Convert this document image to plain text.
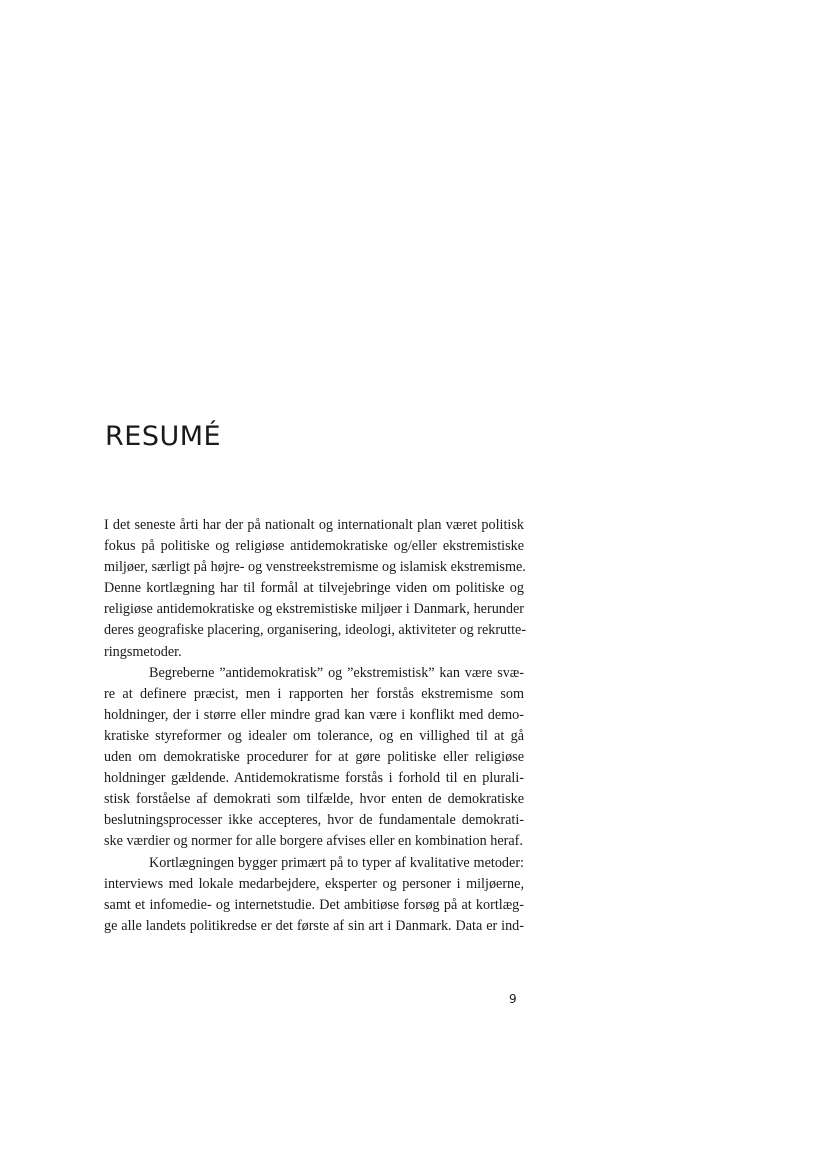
RESUMÉ
I det seneste årti har der på nationalt og internationalt plan været politisk
fokus på politiske og religiøse antidemokratiske og/eller ekstremistiske
miljøer, særligt på højre- og venstreekstremisme og islamisk ekstremisme.
Denne kortlægning har til formål at tilvejebringe viden om politiske og
religiøse antidemokratiske og ekstremistiske miljøer i Danmark, herunder
deres geografiske placering, organisering, ideologi, aktiviteter og rekrutte-
ringsmetoder.
Begreberne ”antidemokratisk” og ”ekstremistisk” kan være svæ-
re at definere præcist, men i rapporten her forstås ekstremisme som
holdninger, der i større eller mindre grad kan være i konflikt med demo-
kratiske styreformer og idealer om tolerance, og en villighed til at gå
uden om demokratiske procedurer for at gøre politiske eller religiøse
holdninger gældende. Antidemokratisme forstås i forhold til en plurali-
stisk forståelse af demokrati som tilfælde, hvor enten de demokratiske
beslutningsprocesser ikke accepteres, hvor de fundamentale demokrati-
ske værdier og normer for alle borgere afvises eller en kombination heraf.
Kortlægningen bygger primært på to typer af kvalitative metoder:
interviews med lokale medarbejdere, eksperter og personer i miljøerne,
samt et infomedie- og internetstudie. Det ambitiøse forsøg på at kortlæg-
ge alle landets politikredse er det første af sin art i Danmark. Data er ind-
9
